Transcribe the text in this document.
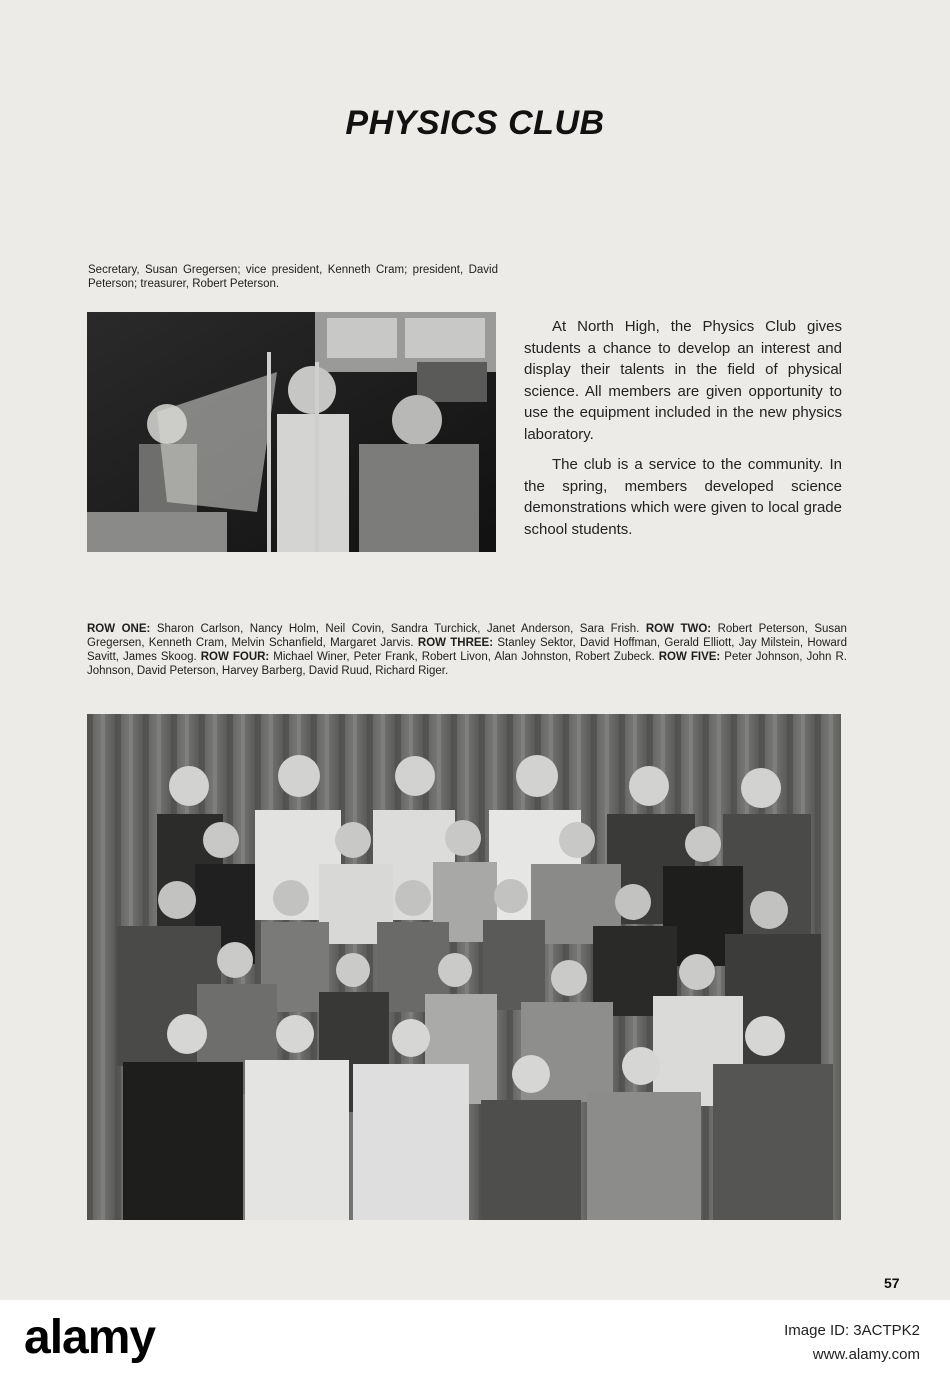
PHYSICS CLUB
Secretary, Susan Gregersen; vice president, Kenneth Cram; president, David Peterson; treasurer, Robert Peterson.

At North High, the Physics Club gives students a chance to develop an interest and display their talents in the field of physical science. All members are given opportunity to use the equipment included in the new physics laboratory.

The club is a service to the community. In the spring, members developed science demonstrations which were given to local grade school students.

ROW ONE: Sharon Carlson, Nancy Holm, Neil Covin, Sandra Turchick, Janet Anderson, Sara Frish. ROW TWO: Robert Peterson, Susan Gregersen, Kenneth Cram, Melvin Schanfield, Margaret Jarvis. ROW THREE: Stanley Sektor, David Hoffman, Gerald Elliott, Jay Milstein, Howard Savitt, James Skoog. ROW FOUR: Michael Winer, Peter Frank, Robert Livon, Alan Johnston, Robert Zubeck. ROW FIVE: Peter Johnson, John R. Johnson, David Peterson, Harvey Barberg, David Ruud, Richard Riger.
57
alamy	Image ID: 3ACTPK2
www.alamy.com
